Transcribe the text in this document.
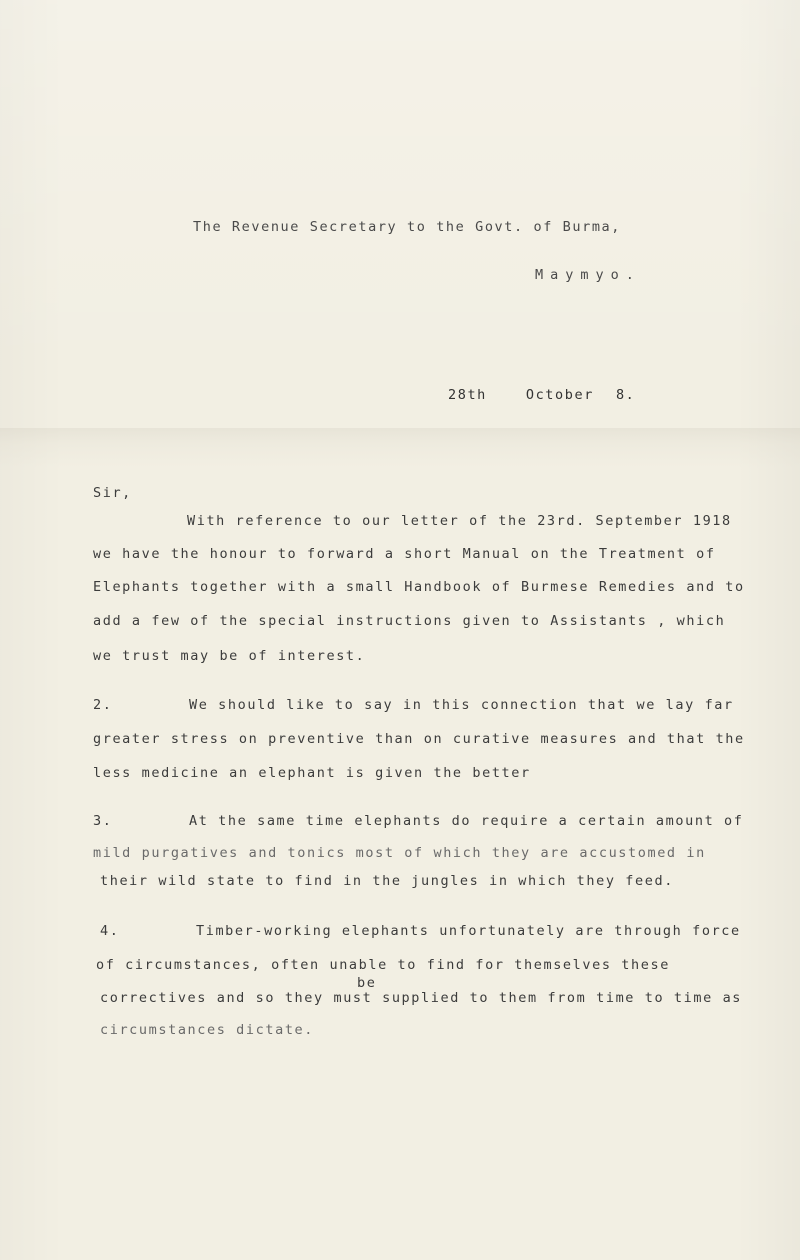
The Revenue Secretary to the Govt. of Burma,
Maymyo.
28th	October 8.
Sir,
With reference to our letter of the 23rd. September 1918
we have the honour to forward a short Manual on the Treatment of
Elephants together with a small Handbook of Burmese Remedies and to
add a few of the special instructions given to Assistants , which
we trust may be of interest.
2.	We should like to say in this connection that we lay far
greater stress on preventive than on curative measures and that the
less medicine an elephant is given the better
3.	At the same time elephants do require a certain amount of
mild purgatives and tonics most of which they are accustomed in
their wild state to find in the jungles in which they feed.
4.	Timber-working elephants unfortunately are through force
of circumstances, often unable to find for themselves these
be
correctives and so they must supplied to them from time to time as
circumstances dictate.
